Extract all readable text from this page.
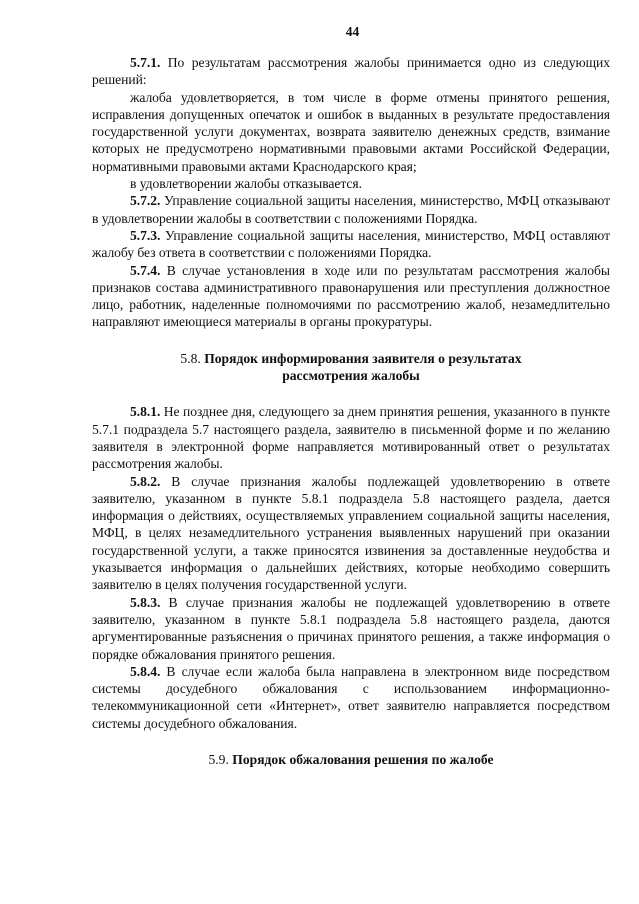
44

5.7.1. По результатам рассмотрения жалобы принимается одно из следующих решений:

жалоба удовлетворяется, в том числе в форме отмены принятого решения, исправления допущенных опечаток и ошибок в выданных в результате предоставления государственной услуги документах, возврата заявителю денежных средств, взимание которых не предусмотрено нормативными правовыми актами Российской Федерации, нормативными правовыми актами Краснодарского края;

в удовлетворении жалобы отказывается.

5.7.2. Управление социальной защиты населения, министерство, МФЦ отказывают в удовлетворении жалобы в соответствии с положениями Порядка.

5.7.3. Управление социальной защиты населения, министерство, МФЦ оставляют жалобу без ответа в соответствии с положениями Порядка.

5.7.4. В случае установления в ходе или по результатам рассмотрения жалобы признаков состава административного правонарушения или преступления должностное лицо, работник, наделенные полномочиями по рассмотрению жалоб, незамедлительно направляют имеющиеся материалы в органы прокуратуры.

5.8. Порядок информирования заявителя о результатах
рассмотрения жалобы

5.8.1. Не позднее дня, следующего за днем принятия решения, указанного в пункте 5.7.1 подраздела 5.7 настоящего раздела, заявителю в письменной форме и по желанию заявителя в электронной форме направляется мотивированный ответ о результатах рассмотрения жалобы.

5.8.2. В случае признания жалобы подлежащей удовлетворению в ответе заявителю, указанном в пункте 5.8.1 подраздела 5.8 настоящего раздела, дается информация о действиях, осуществляемых управлением социальной защиты населения, МФЦ, в целях незамедлительного устранения выявленных нарушений при оказании государственной услуги, а также приносятся извинения за доставленные неудобства и указывается информация о дальнейших действиях, которые необходимо совершить заявителю в целях получения государственной услуги.

5.8.3. В случае признания жалобы не подлежащей удовлетворению в ответе заявителю, указанном в пункте 5.8.1 подраздела 5.8 настоящего раздела, даются аргументированные разъяснения о причинах принятого решения, а также информация о порядке обжалования принятого решения.

5.8.4. В случае если жалоба была направлена в электронном виде посредством системы досудебного обжалования с использованием информационно-телекоммуникационной сети «Интернет», ответ заявителю направляется посредством системы досудебного обжалования.

5.9. Порядок обжалования решения по жалобе
